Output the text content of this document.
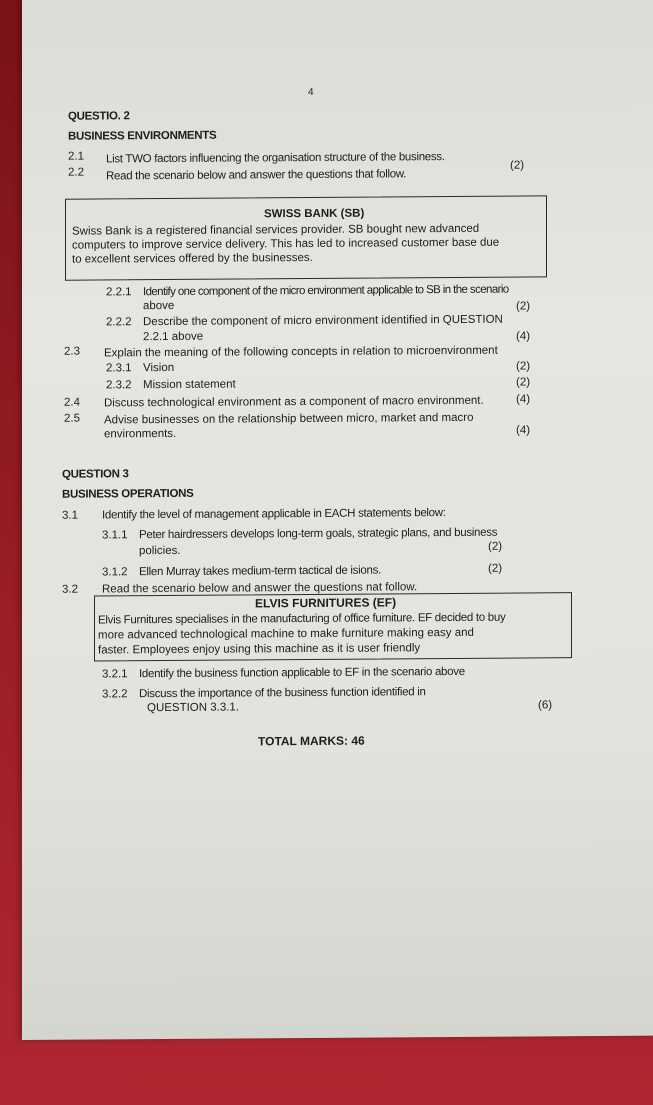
4
QUESTIO. 2
BUSINESS ENVIRONMENTS
2.1 List TWO factors influencing the organisation structure of the business.
(2)
2.2 Read the scenario below and answer the questions that follow.
SWISS BANK (SB)
Swiss Bank is a registered financial services provider. SB bought new advanced
computers to improve service delivery. This has led to increased customer base due
to excellent services offered by the businesses.
2.2.1 Identify one component of the micro environment applicable to SB in the scenario
above	(2)
2.2.2 Describe the component of micro environment identified in QUESTION
2.2.1 above	(4)
2.3 Explain the meaning of the following concepts in relation to microenvironment
2.3.1 Vision	(2)
2.3.2 Mission statement	(2)
2.4 Discuss technological environment as a component of macro environment.	(4)
2.5 Advise businesses on the relationship between micro, market and macro
environments.	(4)
QUESTION 3
BUSINESS OPERATIONS
3.1 Identify the level of management applicable in EACH statements below:
3.1.1 Peter hairdressers develops long-term goals, strategic plans, and business
policies.	(2)
3.1.2 Ellen Murray takes medium-term tactical de isions.	(2)
3.2 Read the scenario below and answer the questions nat follow.
ELVIS FURNITURES (EF)
Elvis Furnitures specialises in the manufacturing of office furniture. EF decided to buy
more advanced technological machine to make furniture making easy and
faster. Employees enjoy using this machine as it is user friendly
3.2.1 Identify the business function applicable to EF in the scenario above
3.2.2 Discuss the importance of the business function identified in
QUESTION 3.3.1.	(6)
TOTAL MARKS: 46
